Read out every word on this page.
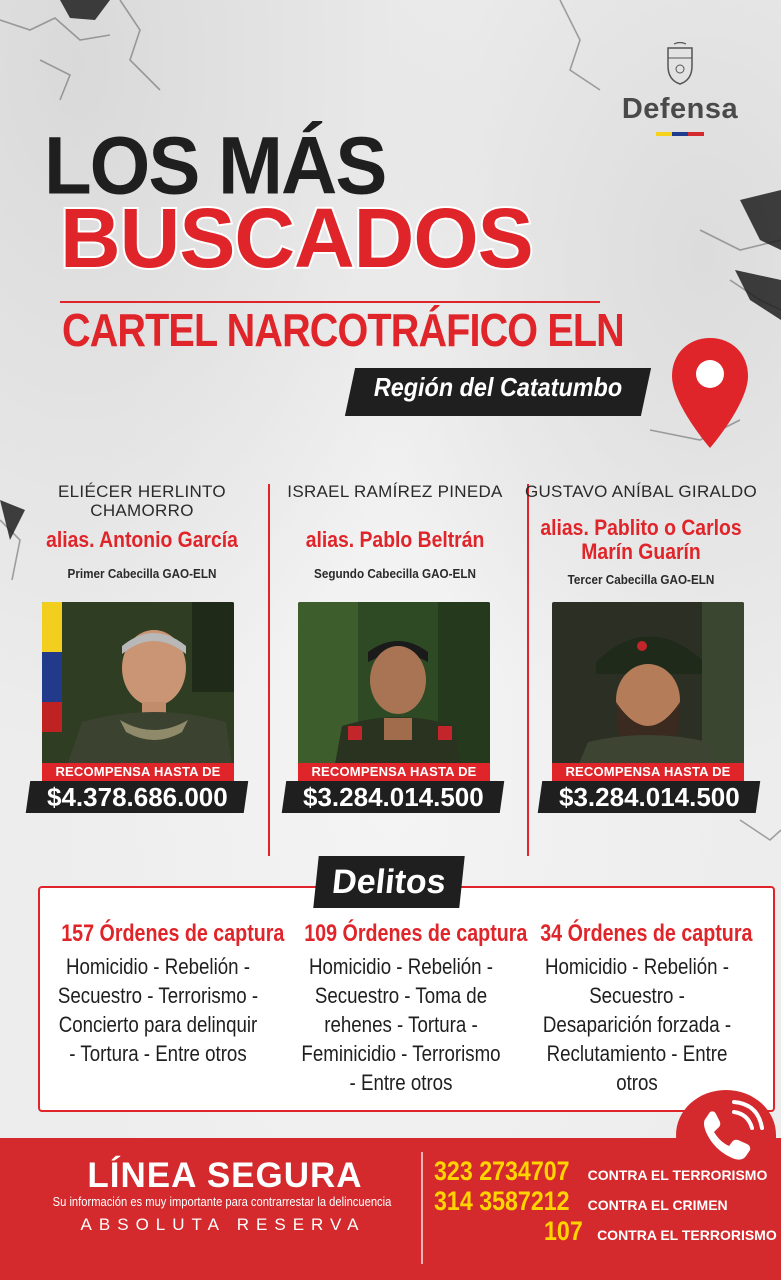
Defensa
LOS MÁS
BUSCADOS
CARTEL NARCOTRÁFICO ELN
Región del Catatumbo
ELIÉCER HERLINTO CHAMORRO
alias. Antonio García
Primer Cabecilla GAO-ELN
ISRAEL RAMÍREZ PINEDA
alias. Pablo Beltrán
Segundo Cabecilla GAO-ELN
GUSTAVO ANÍBAL GIRALDO
alias. Pablito o Carlos Marín Guarín
Tercer Cabecilla GAO-ELN
RECOMPENSA HASTA DE	RECOMPENSA HASTA DE	RECOMPENSA HASTA DE
$4.378.686.000	$3.284.014.500	$3.284.014.500
Delitos
157 Órdenes de captura
Homicidio - Rebelión - Secuestro - Terrorismo - Concierto para delinquir - Tortura - Entre otros
109 Órdenes de captura
Homicidio - Rebelión - Secuestro - Toma de rehenes - Tortura - Feminicidio - Terrorismo - Entre otros
34 Órdenes de captura
Homicidio - Rebelión - Secuestro - Desaparición forzada - Reclutamiento - Entre otros
LÍNEA SEGURA
Su información es muy importante para contrarrestar la delincuencia
ABSOLUTA RESERVA
323 2734707 CONTRA EL TERRORISMO
314 3587212 CONTRA EL CRIMEN
107 CONTRA EL TERRORISMO
